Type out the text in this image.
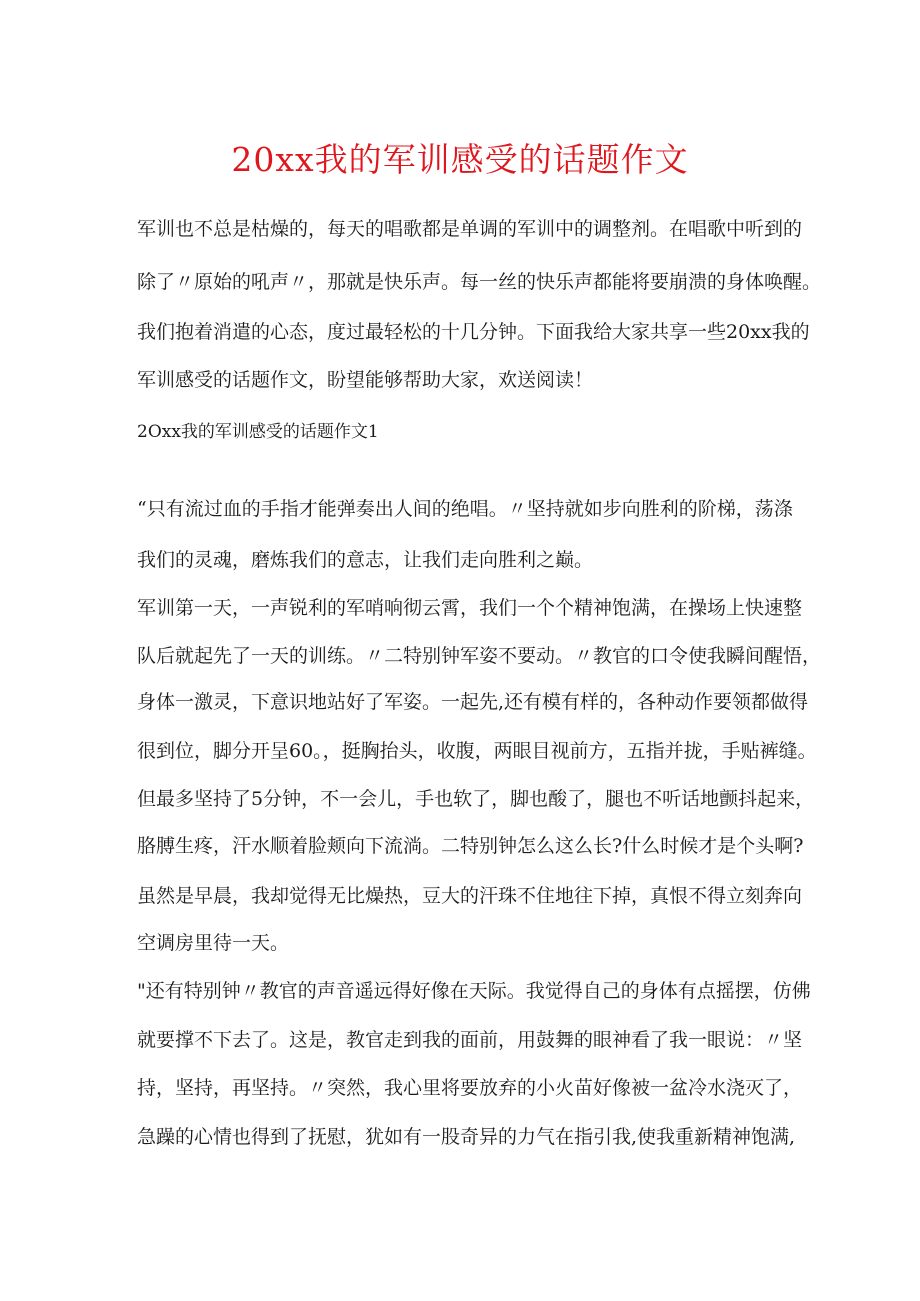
20xx我的军训感受的话题作文

军训也不总是枯燥的，每天的唱歌都是单调的军训中的调整剂。在唱歌中听到的

除了〃原始的吼声〃，那就是快乐声。每一丝的快乐声都能将要崩溃的身体唤醒。

我们抱着消遣的心态，度过最轻松的十几分钟。下面我给大家共享一些20xx我的

军训感受的话题作文，盼望能够帮助大家，欢送阅读！

2Oxx我的军训感受的话题作文1

“只有流过血的手指才能弹奏出人间的绝唱。〃坚持就如步向胜利的阶梯，荡涤

我们的灵魂，磨炼我们的意志，让我们走向胜利之巅。

军训第一天，一声锐利的军哨响彻云霄，我们一个个精神饱满，在操场上快速整

队后就起先了一天的训练。〃二特别钟军姿不要动。〃教官的口令使我瞬间醒悟，

身体一激灵，下意识地站好了军姿。一起先,还有模有样的，各种动作要领都做得

很到位，脚分开呈60。，挺胸抬头，收腹，两眼目视前方，五指并拢，手贴裤缝。

但最多坚持了5分钟，不一会儿，手也软了，脚也酸了，腿也不听话地颤抖起来，

胳膊生疼，汗水顺着脸颊向下流淌。二特别钟怎么这么长?什么时候才是个头啊?

虽然是早晨，我却觉得无比燥热，豆大的汗珠不住地往下掉，真恨不得立刻奔向

空调房里待一天。

"还有特别钟〃教官的声音遥远得好像在天际。我觉得自己的身体有点摇摆，仿佛

就要撑不下去了。这是，教官走到我的面前，用鼓舞的眼神看了我一眼说：〃坚

持，坚持，再坚持。〃突然，我心里将要放弃的小火苗好像被一盆冷水浇灭了，

急躁的心情也得到了抚慰，犹如有一股奇异的力气在指引我,使我重新精神饱满,
